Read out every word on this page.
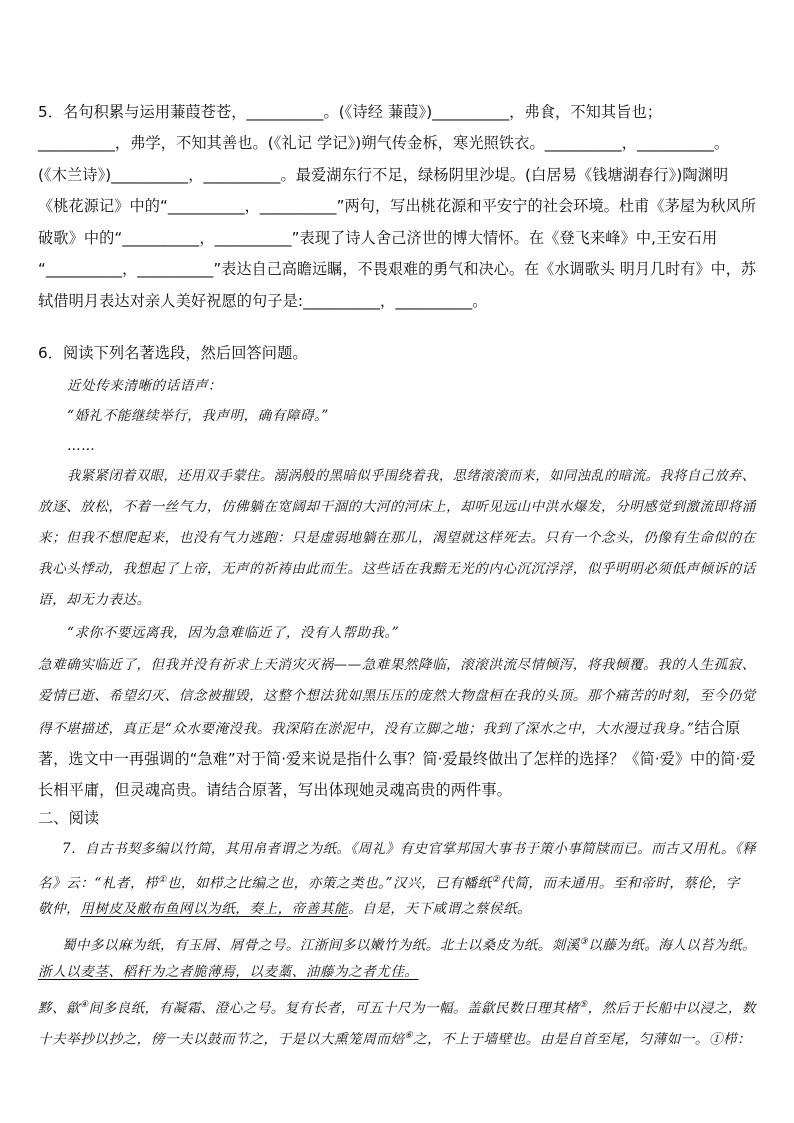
5．名句积累与运用蒹葭苍苍，__________。(《诗经 蒹葭》)__________，弗食，不知其旨也；
__________，弗学，不知其善也。(《礼记 学记》)朔气传金柝，寒光照铁衣。__________，__________。
(《木兰诗》)__________，__________。最爱湖东行不足，绿杨阴里沙堤。(白居易《钱塘湖春行》)陶渊明
《桃花源记》中的“__________，__________”两句，写出桃花源和平安宁的社会环境。杜甫《茅屋为秋风所
破歌》中的“__________，__________”表现了诗人舍己济世的博大情怀。在《登飞来峰》中,王安石用
“__________，__________”表达自己高瞻远瞩，不畏艰难的勇气和决心。在《水调歌头 明月几时有》中，苏
轼借明月表达对亲人美好祝愿的句子是:__________，__________。
6．阅读下列名著选段，然后回答问题。
近处传来清晰的话语声：
“婚礼不能继续举行，我声明，确有障碍。”
……
我紧紧闭着双眼，还用双手蒙住。溺涡般的黑暗似乎围绕着我，思绪滚滚而来，如同浊乱的暗流。我将自己放弃、
放逐、放松，不着一丝气力，仿佛躺在宽阔却干涸的大河的河床上，却听见远山中洪水爆发，分明感觉到激流即将涌
来；但我不想爬起来，也没有气力逃跑：只是虚弱地躺在那儿，渴望就这样死去。只有一个念头，仍像有生命似的在
我心头悸动，我想起了上帝，无声的祈祷由此而生。这些话在我黯无光的内心沉沉浮浮，似乎明明必须低声倾诉的话
语，却无力表达。
“求你不要远离我，因为急难临近了，没有人帮助我。”
急难确实临近了，但我并没有祈求上天消灾灭祸——急难果然降临，滚滚洪流尽情倾泻，将我倾覆。我的人生孤寂、
爱情已逝、希望幻灭、信念被摧毁，这整个想法犹如黑压压的庞然大物盘桓在我的头顶。那个痛苦的时刻，至今仍觉
得不堪描述，真正是“众水要淹没我。我深陷在淤泥中，没有立脚之地；我到了深水之中，大水漫过我身。”结合原
著，选文中一再强调的“急难”对于简·爱来说是指什么事？简·爱最终做出了怎样的选择？《简·爱》中的简·爱
长相平庸，但灵魂高贵。请结合原著，写出体现她灵魂高贵的两件事。
二、阅读
7．自古书契多编以竹简，其用帛者谓之为纸。《周礼》有史官掌邦国大事书于策小事简牍而已。而古又用札。《释
名》云：“札者，栉①也，如栉之比编之也，亦策之类也。”汉兴，已有幡纸②代简，而未通用。至和帝时，蔡伦，字
敬仲，用树皮及敝布鱼网以为纸，奏上，帝善其能。自是，天下咸谓之蔡侯纸。
蜀中多以麻为纸，有玉屑、屑骨之号。江浙间多以嫩竹为纸。北土以桑皮为纸。剡溪③以藤为纸。海人以苔为纸。
浙人以麦茎、稻秆为之者脆薄焉，以麦藁、油藤为之者尤佳。
黟、歙④间多良纸，有凝霜、澄心之号。复有长者，可五十尺为一幅。盖歙民数日理其楮⑤，然后于长船中以浸之，数
十夫举抄以抄之，傍一夫以鼓而节之，于是以大熏笼周而焙⑥之，不上于墙壁也。由是自首至尾，匀薄如一。①栉：
